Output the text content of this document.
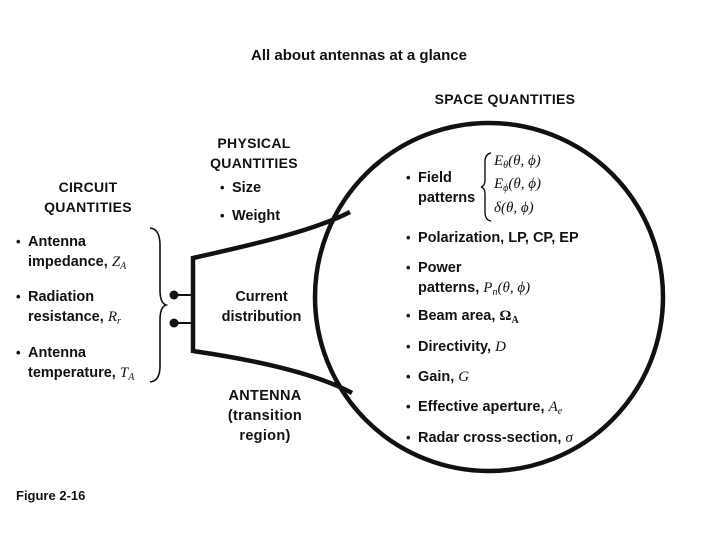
All about antennas at a glance
SPACE QUANTITIES
• Field
patterns
$E_\theta(\theta$, ϕ)
$E_\phi(\theta$, ϕ)
δ(θ, ϕ)
• Polarization, LP, CP, EP
• Power
patterns, $P_n(\theta$, ϕ)
• Beam area, $\Omega_A$
• Directivity, D
• Gain, G
• Effective aperture, $A_e$
• Radar cross-section, σ
PHYSICAL
QUANTITIES
• Size
• Weight
CIRCUIT
QUANTITIES
• Antenna
impedance, $Z_A$
• Radiation
resistance, $R_r$
• Antenna
temperature, $T_A$
Current
distribution
ANTENNA
(transition
region)
Figure 2-16
